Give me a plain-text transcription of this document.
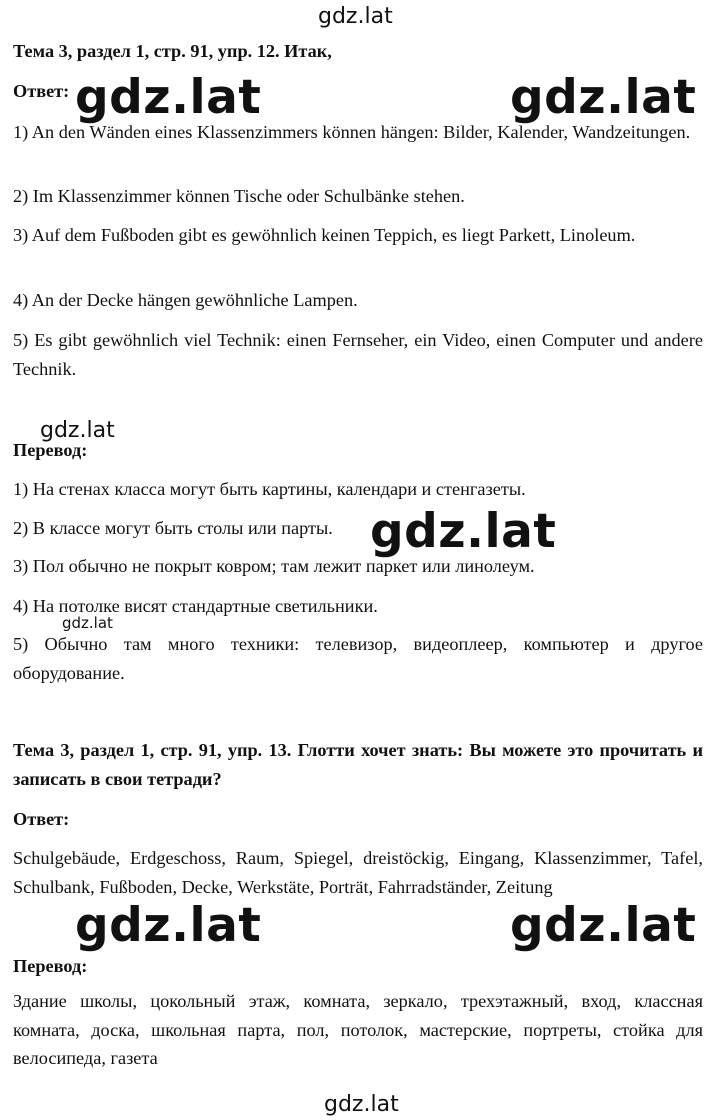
Тема 3, раздел 1, стр. 91, упр. 12. Итак,
Ответ:
1) An den Wänden eines Klassenzimmers können hängen: Bilder, Kalender, Wandzeitungen.
2) Im Klassenzimmer können Tische oder Schulbänke stehen.
3) Auf dem Fußboden gibt es gewöhnlich keinen Teppich, es liegt Parkett, Linoleum.
4) An der Decke hängen gewöhnliche Lampen.
5) Es gibt gewöhnlich viel Technik: einen Fernseher, ein Video, einen Computer und andere Technik.
Перевод:
1) На стенах класса могут быть картины, календари и стенгазеты.
2) В классе могут быть столы или парты.
3) Пол обычно не покрыт ковром; там лежит паркет или линолеум.
4) На потолке висят стандартные светильники.
5) Обычно там много техники: телевизор, видеоплеер, компьютер и другое оборудование.
Тема 3, раздел 1, стр. 91, упр. 13. Глотти хочет знать: Вы можете это прочитать и записать в свои тетради?
Ответ:
Schulgebäude, Erdgeschoss, Raum, Spiegel, dreistöckig, Eingang, Klassenzimmer, Tafel, Schulbank, Fußboden, Decke, Werkstäte, Porträt, Fahrradständer, Zeitung
Перевод:
Здание школы, цокольный этаж, комната, зеркало, трехэтажный, вход, классная комната, доска, школьная парта, пол, потолок, мастерские, портреты, стойка для велосипеда, газета
gdz.lat
gdz.lat	gdz.lat
gdz.lat
gdz.lat
gdz.lat
gdz.lat	gdz.lat
gdz.lat
